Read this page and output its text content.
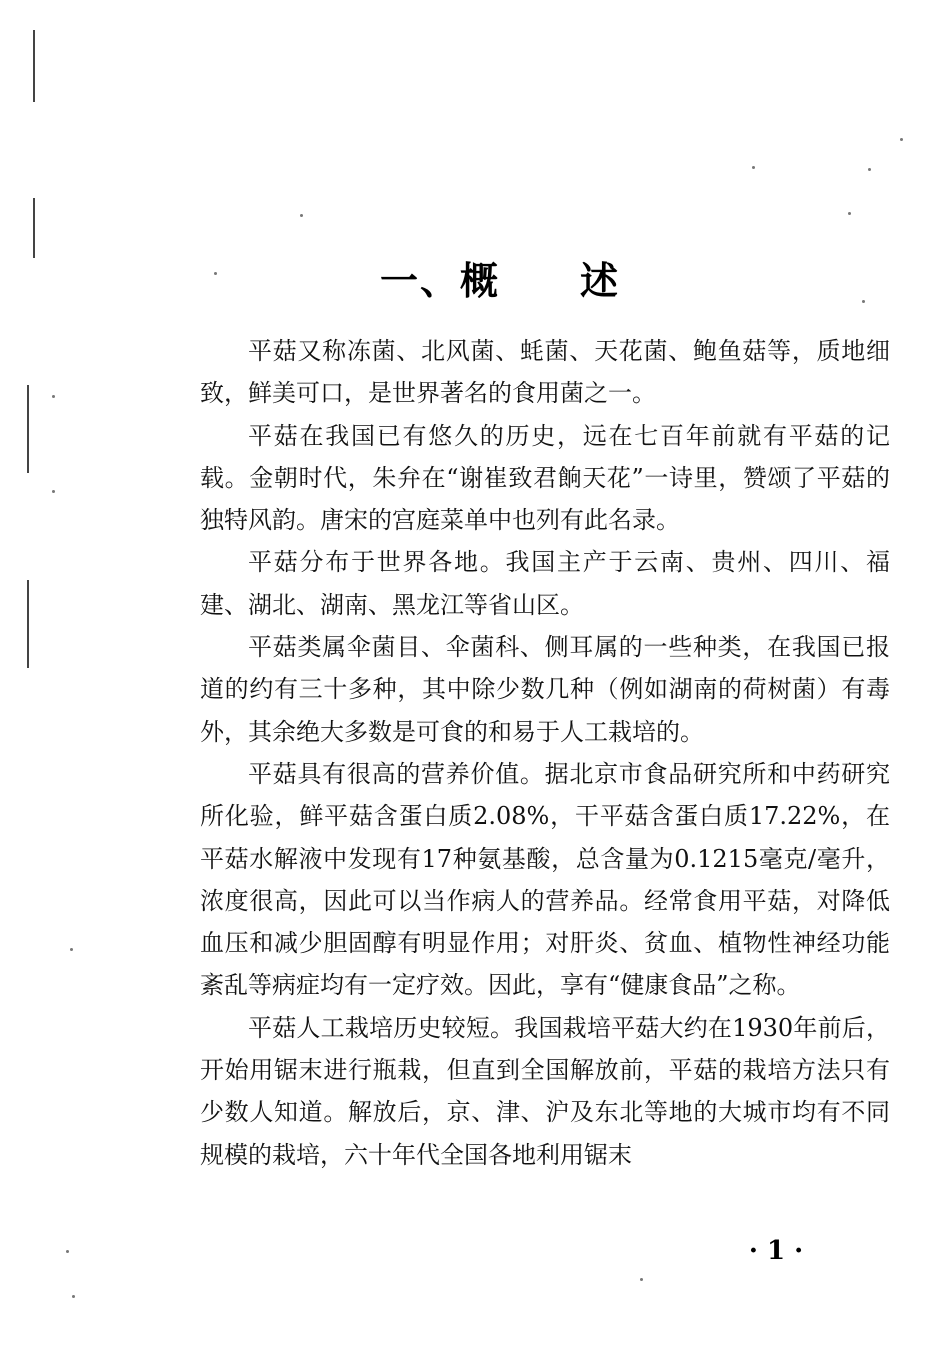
一、概　　述

平菇又称冻菌、北风菌、蚝菌、天花菌、鲍鱼菇等，质地细致，鲜美可口，是世界著名的食用菌之一。

平菇在我国已有悠久的历史，远在七百年前就有平菇的记载。金朝时代，朱弁在“谢崔致君餉天花”一诗里，赞颂了平菇的独特风韵。唐宋的宫庭菜单中也列有此名录。

平菇分布于世界各地。我国主产于云南、贵州、四川、福建、湖北、湖南、黑龙江等省山区。

平菇类属伞菌目、伞菌科、侧耳属的一些种类，在我国已报道的约有三十多种，其中除少数几种（例如湖南的荷树菌）有毒外，其余绝大多数是可食的和易于人工栽培的。

平菇具有很高的营养价值。据北京市食品研究所和中药研究所化验，鲜平菇含蛋白质2.08%，干平菇含蛋白质17.22%，在平菇水解液中发现有17种氨基酸，总含量为0.1215毫克/毫升，浓度很高，因此可以当作病人的营养品。经常食用平菇，对降低血压和减少胆固醇有明显作用；对肝炎、贫血、植物性神经功能紊乱等病症均有一定疗效。因此，享有“健康食品”之称。

平菇人工栽培历史较短。我国栽培平菇大约在1930年前后，开始用锯末进行瓶栽，但直到全国解放前，平菇的栽培方法只有少数人知道。解放后，京、津、沪及东北等地的大城市均有不同规模的栽培，六十年代全国各地利用锯末

· 1 ·
